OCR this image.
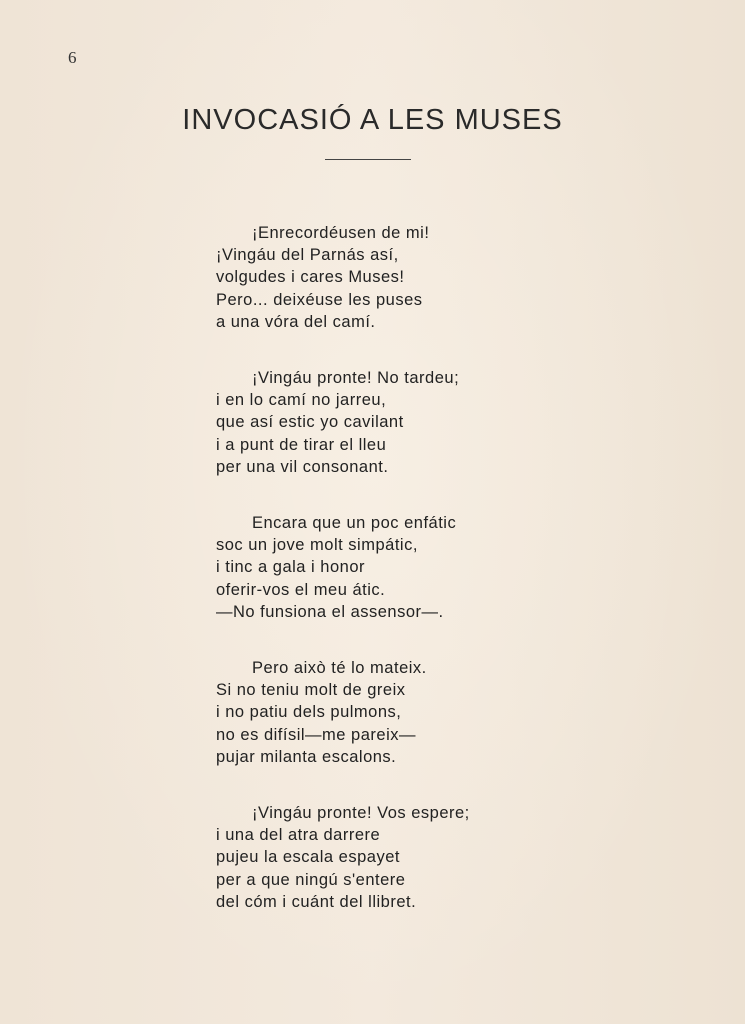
6
INVOCASIÓ A LES MUSES
¡Enrecordéusen de mi!
¡Vingáu del Parnás así,
volgudes i cares Muses!
Pero... deixéuse les puses
a una vóra del camí.
¡Vingáu pronte! No tardeu;
i en lo camí no jarreu,
que así estic yo cavilant
i a punt de tirar el lleu
per una vil consonant.
Encara que un poc enfátic
soc un jove molt simpátic,
i tinc a gala i honor
oferir-vos el meu átic.
—No funsiona el assensor—.
Pero això té lo mateix.
Si no teniu molt de greix
i no patiu dels pulmons,
no es difísil—me pareix—
pujar milanta escalons.
¡Vingáu pronte! Vos espere;
i una del atra darrere
pujeu la escala espayet
per a que ningú s'entere
del cóm i cuánt del llibret.
